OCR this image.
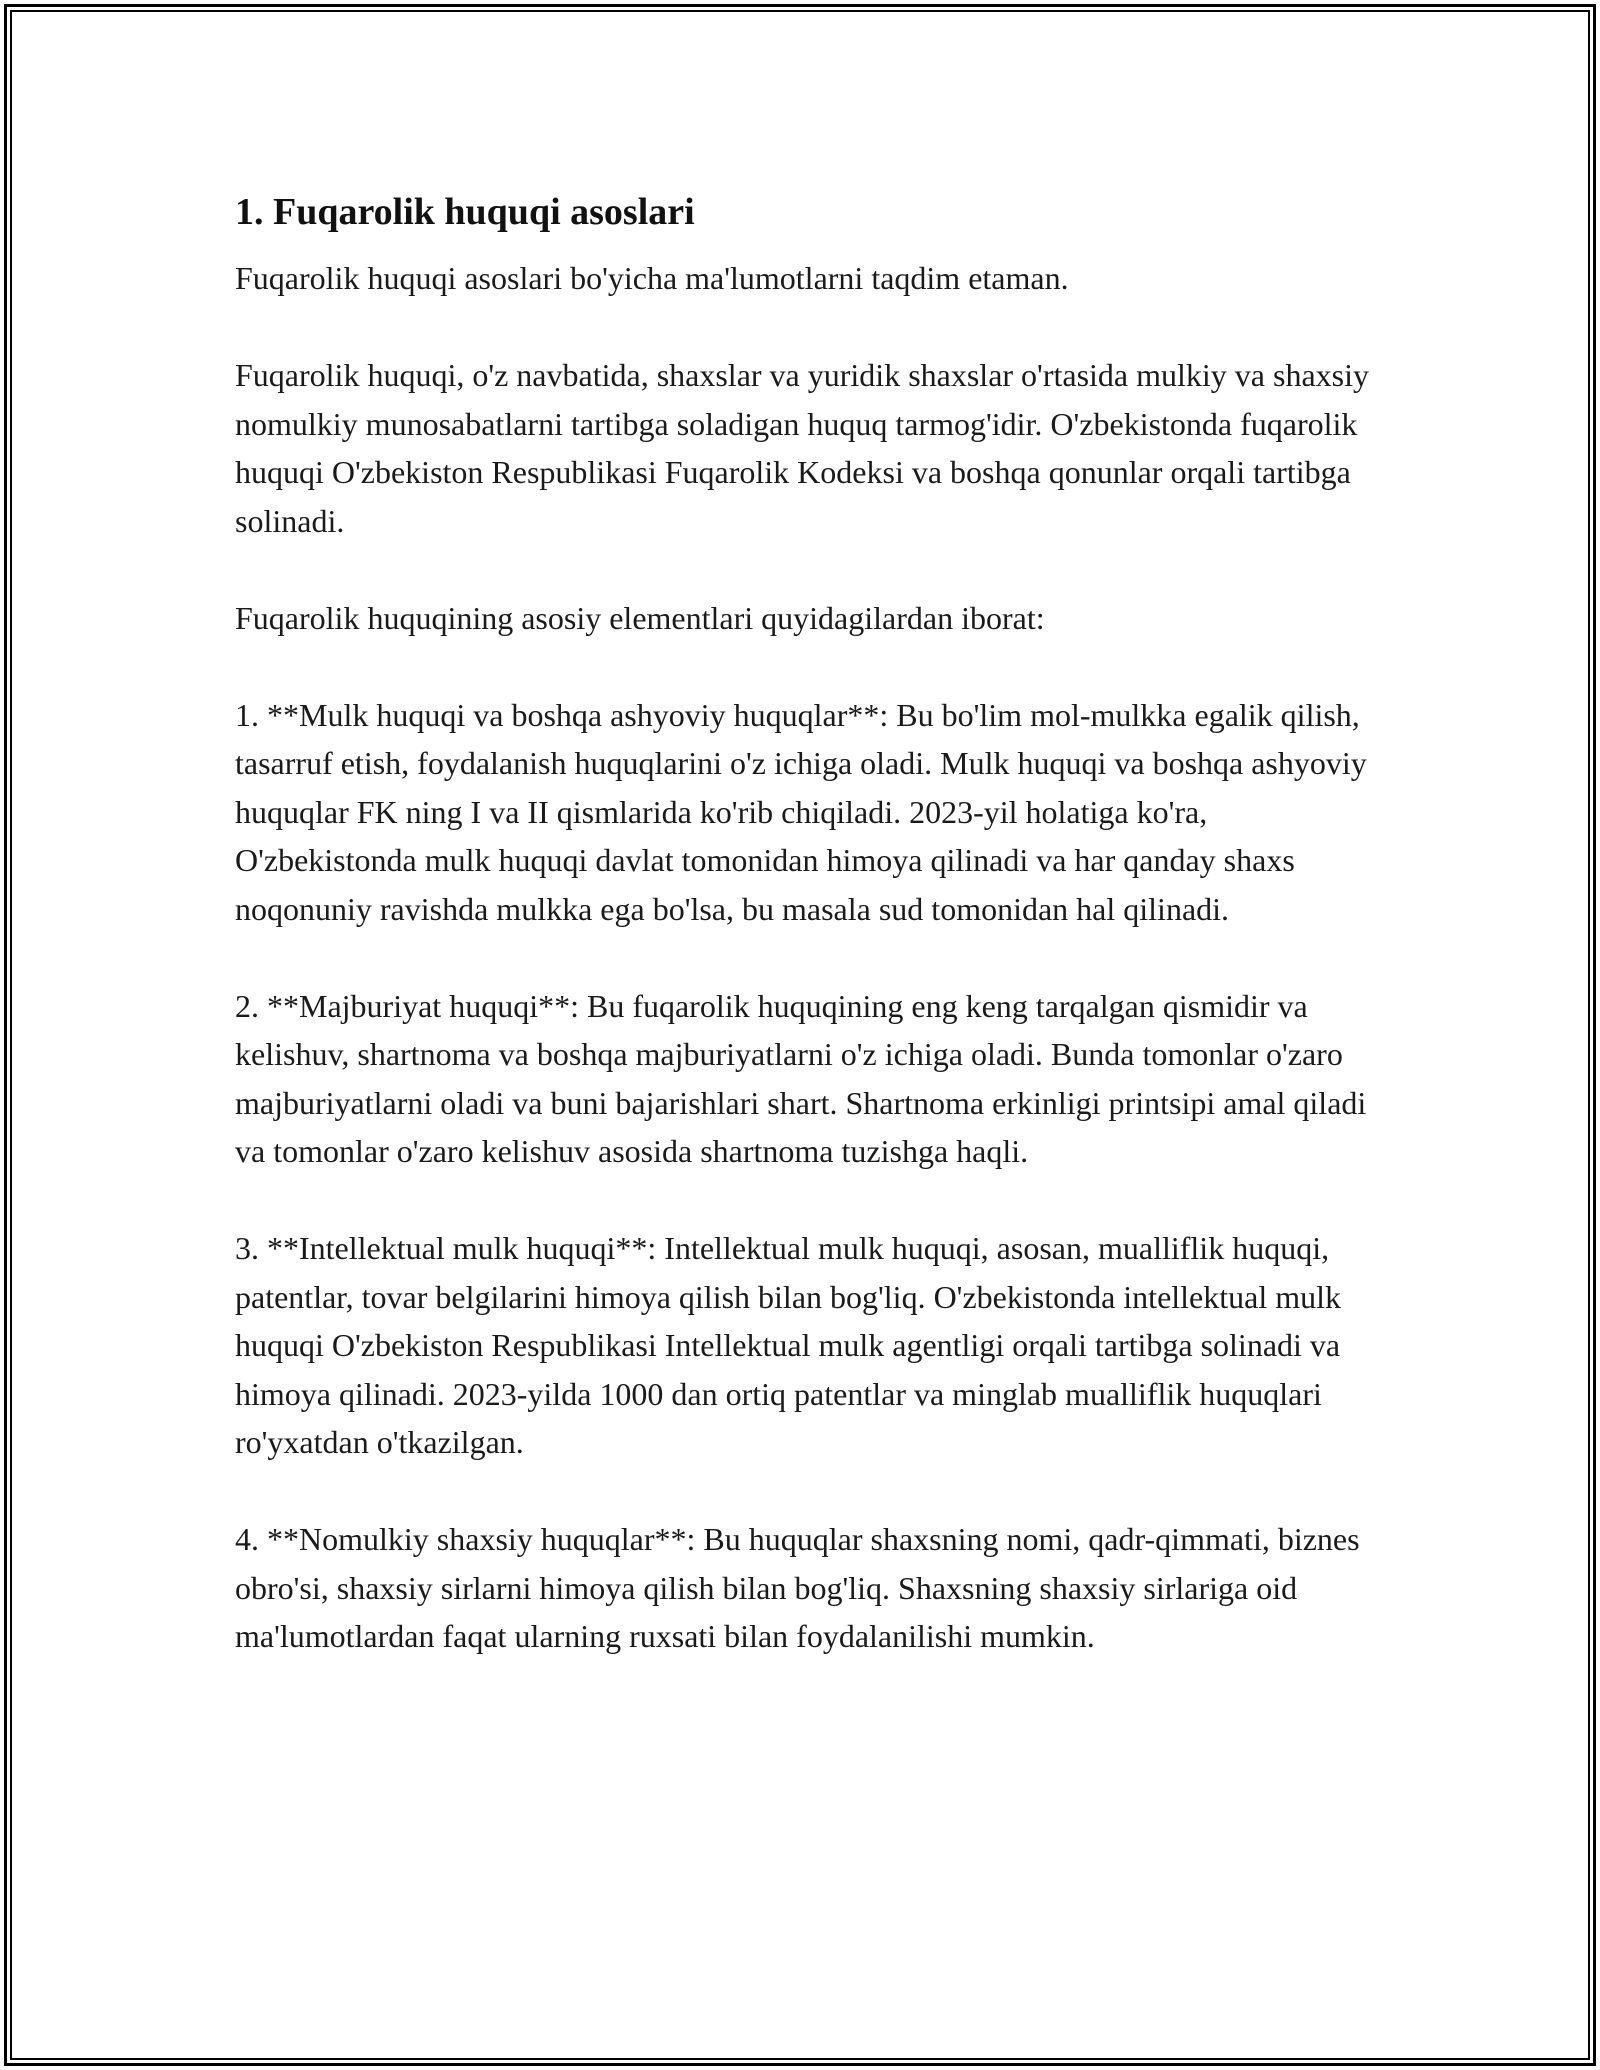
1. Fuqarolik huquqi asoslari

Fuqarolik huquqi asoslari bo'yicha ma'lumotlarni taqdim etaman.

Fuqarolik huquqi, o'z navbatida, shaxslar va yuridik shaxslar o'rtasida mulkiy va shaxsiy nomulkiy munosabatlarni tartibga soladigan huquq tarmog'idir. O'zbekistonda fuqarolik huquqi O'zbekiston Respublikasi Fuqarolik Kodeksi va boshqa qonunlar orqali tartibga solinadi.

Fuqarolik huquqining asosiy elementlari quyidagilardan iborat:

1. **Mulk huquqi va boshqa ashyoviy huquqlar**: Bu bo'lim mol-mulkka egalik qilish, tasarruf etish, foydalanish huquqlarini o'z ichiga oladi. Mulk huquqi va boshqa ashyoviy huquqlar FK ning I va II qismlarida ko'rib chiqiladi. 2023-yil holatiga ko'ra, O'zbekistonda mulk huquqi davlat tomonidan himoya qilinadi va har qanday shaxs noqonuniy ravishda mulkka ega bo'lsa, bu masala sud tomonidan hal qilinadi.

2. **Majburiyat huquqi**: Bu fuqarolik huquqining eng keng tarqalgan qismidir va kelishuv, shartnoma va boshqa majburiyatlarni o'z ichiga oladi. Bunda tomonlar o'zaro majburiyatlarni oladi va buni bajarishlari shart. Shartnoma erkinligi printsipi amal qiladi va tomonlar o'zaro kelishuv asosida shartnoma tuzishga haqli.

3. **Intellektual mulk huquqi**: Intellektual mulk huquqi, asosan, mualliflik huquqi, patentlar, tovar belgilarini himoya qilish bilan bog'liq. O'zbekistonda intellektual mulk huquqi O'zbekiston Respublikasi Intellektual mulk agentligi orqali tartibga solinadi va himoya qilinadi. 2023-yilda 1000 dan ortiq patentlar va minglab mualliflik huquqlari ro'yxatdan o'tkazilgan.

4. **Nomulkiy shaxsiy huquqlar**: Bu huquqlar shaxsning nomi, qadr-qimmati, biznes obro'si, shaxsiy sirlarni himoya qilish bilan bog'liq. Shaxsning shaxsiy sirlariga oid ma'lumotlardan faqat ularning ruxsati bilan foydalanilishi mumkin.
